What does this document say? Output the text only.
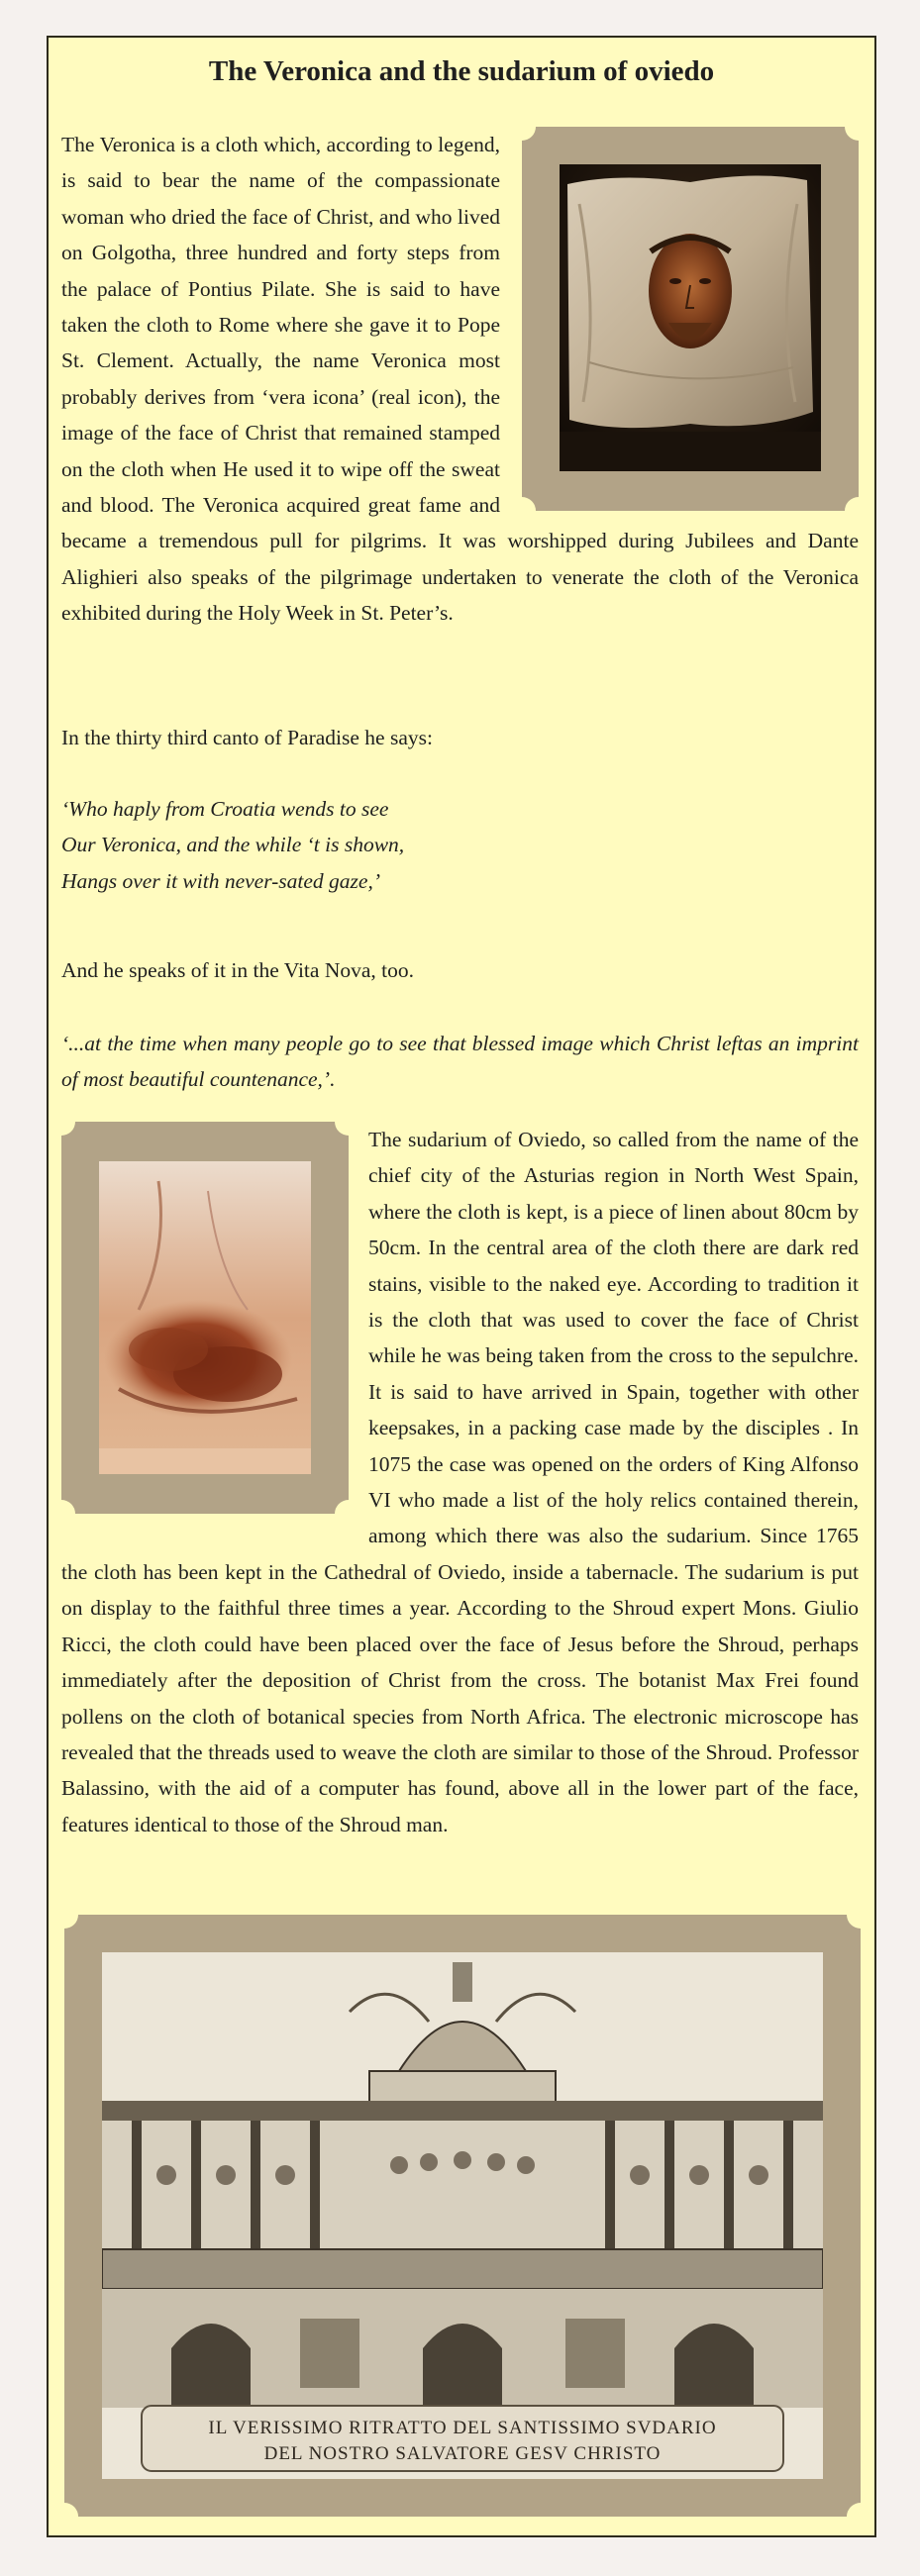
The Veronica and the sudarium of oviedo

The Veronica is a cloth which, according to legend, is said to bear the name of the compassionate woman who dried the face of Christ, and who lived on Golgotha, three hundred and forty steps from the palace of Pontius Pilate. She is said to have taken the cloth to Rome where she gave it to Pope St. Clement. Actually, the name Veronica most probably derives from ‘vera icona’ (real icon), the image of the face of Christ that remained stamped on the cloth when He used it to wipe off the sweat and blood. The Veronica acquired great fame and became a tremendous pull for pilgrims. It was worshipped during Jubilees and Dante Alighieri also speaks of the pilgrimage undertaken to venerate the cloth of the Veronica exhibited during the Holy Week in St. Peter’s.

In the thirty third canto of Paradise he says:

‘Who haply from Croatia wends to see
Our Veronica, and the while ‘t is shown,
Hangs over it with never-sated gaze,’

And he speaks of it in the Vita Nova, too.

‘...at the time when many people go to see that blessed image which Christ leftas an imprint of most beautiful countenance,’.

The sudarium of Oviedo, so called from the name of the chief city of the Asturias region in North West Spain, where the cloth is kept, is a piece of linen about 80cm by 50cm. In the central area of the cloth there are dark red stains, visible to the naked eye. According to tradition it is the cloth that was used to cover the face of Christ while he was being taken from the cross to the sepulchre. It is said to have arrived in Spain, together with other keepsakes, in a packing case made by the disciples . In 1075 the case was opened on the orders of King Alfonso VI who made a list of the holy relics contained therein, among which there was also the sudarium. Since 1765 the cloth has been kept in the Cathedral of Oviedo, inside a tabernacle. The sudarium is put on display to the faithful three times a year. According to the Shroud expert Mons. Giulio Ricci, the cloth could have been placed over the face of Jesus before the Shroud, perhaps immediately after the deposition of Christ from the cross. The botanist Max Frei found pollens on the cloth of botanical species from North Africa. The electronic microscope has revealed that the threads used to weave the cloth are similar to those of the Shroud. Professor Balassino, with the aid of a computer has found, above all in the lower part of the face, features identical to those of the Shroud man.

IL VERISSIMO RITRATTO DEL SANTISSIMO SVDARIO
DEL NOSTRO SALVATORE GESV CHRISTO
